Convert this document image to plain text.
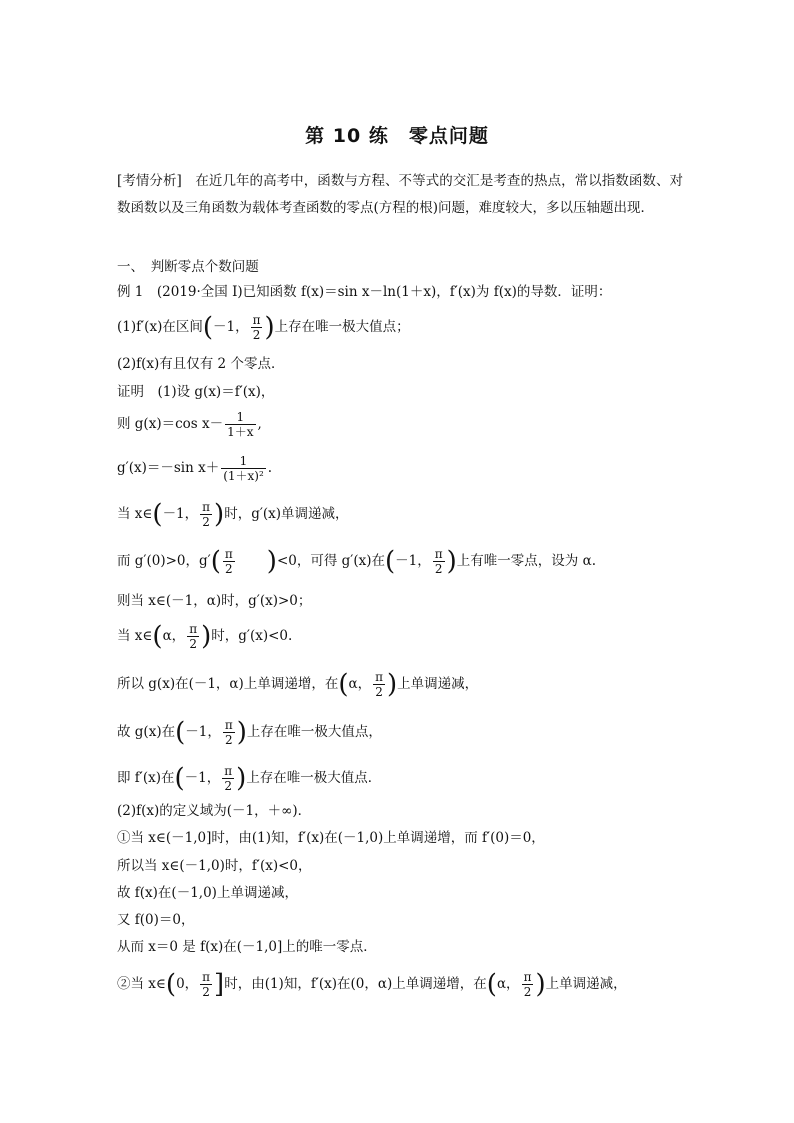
第 10 练　零点问题
[考情分析]　在近几年的高考中，函数与方程、不等式的交汇是考查的热点，常以指数函数、对数函数以及三角函数为载体考查函数的零点(方程的根)问题，难度较大，多以压轴题出现．
一、　判断零点个数问题
例 1　(2019·全国 Ⅰ)已知函数 f(x)＝sin x－ln(1＋x)，f′(x)为 f(x)的导数．证明：
(1)f′(x)在区间(－1， $\frac{\pi}{2}$ )上存在唯一极大值点；
(2)f(x)有且仅有 2 个零点．
证明　(1)设 g(x)＝f′(x)，
则 g(x)＝cos $x- \frac{1}{1+x}$ ,
g′(x)＝－sin $x+ \frac{1}{\text{(1＋x)²}}$ .
当 x∈(－1， $\frac{\pi}{2}$ )时，g′(x)单调递减，
而 g′(0)>0，$g'( \frac{\pi}{2} )<0$，可得 g′(x)在(－1， $\frac{\pi}{2}$ )上有唯一零点，设为 α.
则当 x∈(－1，α)时，g′(x)>0；
当 x∈(α， $\frac{\pi}{2}$ )时，g′(x)<0.
所以 g(x)在(－1，α)上单调递增，在(α， $\frac{\pi}{2}$ )上单调递减，
故 g(x)在(－1， $\frac{\pi}{2}$ )上存在唯一极大值点，
即 f′(x)在(－1， $\frac{\pi}{2}$ )上存在唯一极大值点．
(2)f(x)的定义域为(－1，＋∞)．
①当 x∈(－1,0]时，由(1)知，f′(x)在(－1,0)上单调递增，而 f′(0)＝0，
所以当 x∈(－1,0)时，f′(x)<0，
故 f(x)在(－1,0)上单调递减，
又 f(0)＝0，
从而 x＝0 是 f(x)在(－1,0]上的唯一零点．
②当 x∈(0， $\frac{\pi}{2}$ ]时，由(1)知，f′(x)在(0，α)上单调递增，在(α， $\frac{\pi}{2}$ )上单调递减，
